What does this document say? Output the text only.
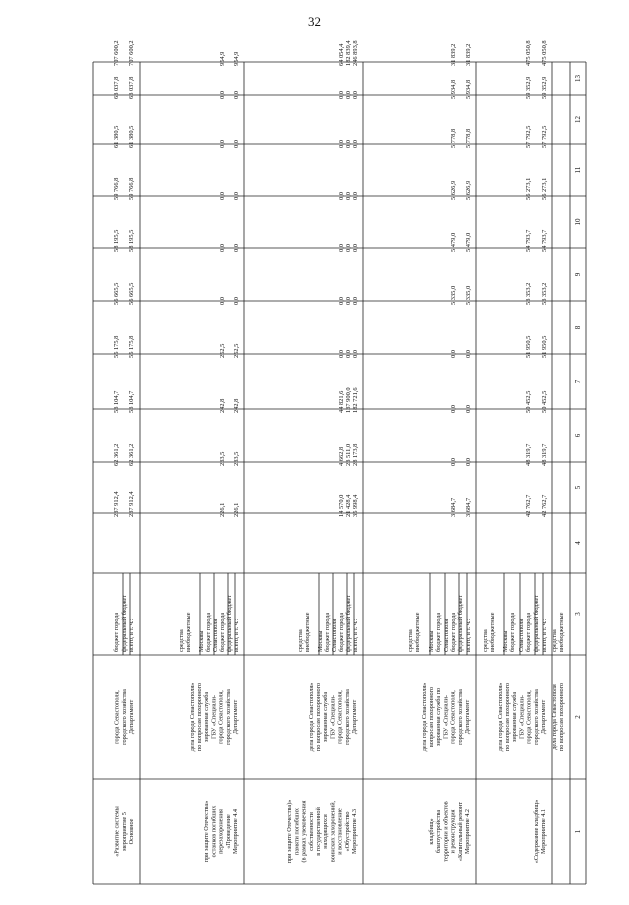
32
1
2
3
4
5
6
7
8
9
10
11
12
13
по вопросам похоронного
дела города Севастополя
внебюджетные
средства
Мероприятие 4.1
«Содержание кладбищ»
Департамент
городского хозяйства
города Севастополя,
ГБУ «Специали-
зированная служба
по вопросам похоронного
дела города Севастополя»
всего, в т. ч.:
42 762,7
48 319,7
50 452,5
51 950,5
53 353,2
54 793,7
56 273,1
57 792,5
59 352,9
475 050,8
федеральный бюджет
бюджет города
Севастополя
42 762,7
48 319,7
50 452,5
51 950,5
53 353,2
54 793,7
56 273,1
57 792,5
59 352,9
475 050,8
бюджет города
Москвы
внебюджетные
средства
Мероприятие 4.2
«Капитальный ремонт
и реконструкция
территории и объектов
благоустройства
кладбищ»
Департамент
городского хозяйства
города Севастополя,
ГБУ «Специали-
зированная служба по
вопросам похоронного
дела города Севастополя»
всего, в т. ч.:
3 684,7
0,0
0,0
0,0
5 335,0
5 479,0
5 626,9
5 778,8
5 934,8
31 839,2
федеральный бюджет
бюджет города
Севастополя
3 684,7
0,0
0,0
0,0
5 335,0
5 479,0
5 626,9
5 778,8
5 934,8
31 839,2
бюджет города
Москвы
внебюджетные
средства
Мероприятие 4.3
«Обустройство
и восстановление
воинских захоронений,
находящихся
в государственной
собственности
(в рамках увековечения
памяти погибших
при защите Отечества)»
Департамент
городского хозяйства
города Севастополя,
ГБУ «Специали-
зированная служба
по вопросам похоронного
дела города Севастополя»
всего, в т. ч.:
35 998,4
28 173,8
182 721,6
0,0
0,0
0,0
0,0
0,0
0,0
246 893,8
федеральный бюджет
21 428,4
23 511,0
137 900,0
0,0
0,0
0,0
0,0
0,0
0,0
182 839,4
бюджет города
Севастополя
14 570,0
4 662,8
44 821,6
0,0
0,0
0,0
0,0
0,0
0,0
64 054,4
бюджет города
Москвы
внебюджетные
средства
Мероприятие 4.4
«Проведение
перезахоронения
останков погибших
при защите Отечества»
Департамент
городского хозяйства
города Севастополя,
ГБУ «Специали-
зированная служба
по вопросам похоронного
дела города Севастополя»
всего, в т. ч.:
226,1
233,5
242,8
252,5
0,0
0,0
0,0
0,0
0,0
954,9
федеральный бюджет
бюджет города
Севастополя
226,1
233,5
242,8
252,5
0,0
0,0
0,0
0,0
0,0
954,9
бюджет города
Москвы
внебюджетные
средства
Основное
мероприятие 5
«Развитие системы
Департамент
городского хозяйства
города Севастополя,
всего, в т. ч.:
237 912,4
62 361,2
53 104,7
55 175,8
56 665,5
58 195,5
59 766,8
61 380,5
63 037,8
707 600,2
федеральный бюджет
бюджет города
237 912,4
62 361,2
53 104,7
55 175,8
56 665,5
58 195,5
59 766,8
61 380,5
63 037,8
707 600,2
